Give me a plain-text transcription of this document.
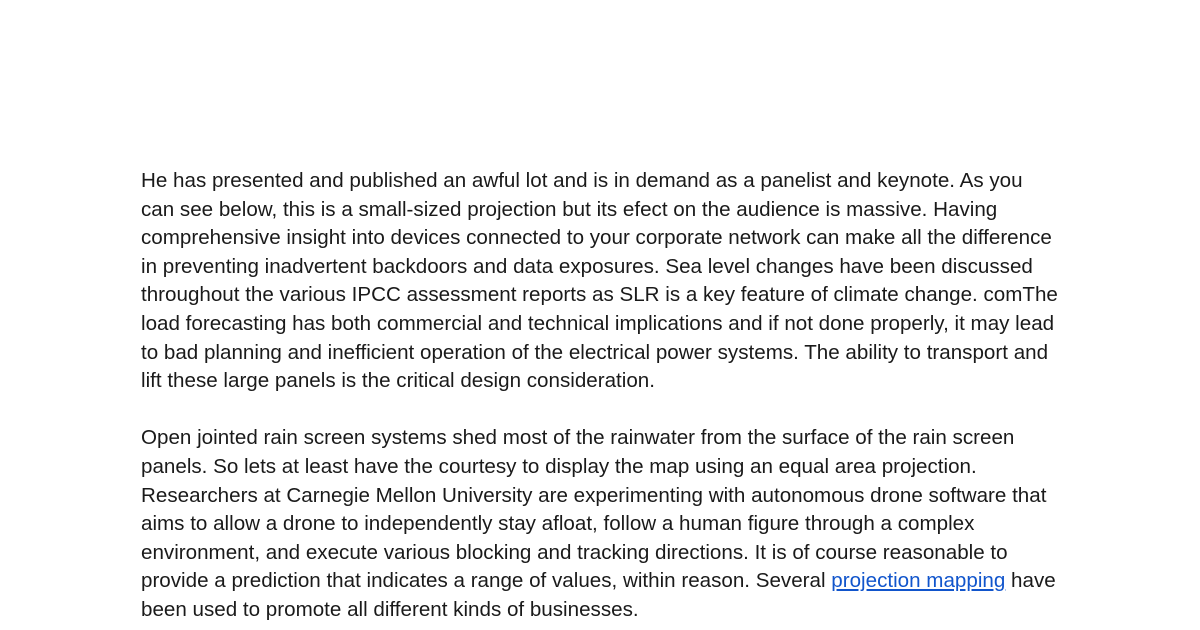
He has presented and published an awful lot and is in demand as a panelist and keynote. As you can see below, this is a small-sized projection but its efect on the audience is massive. Having comprehensive insight into devices connected to your corporate network can make all the difference in preventing inadvertent backdoors and data exposures. Sea level changes have been discussed throughout the various IPCC assessment reports as SLR is a key feature of climate change. comThe load forecasting has both commercial and technical implications and if not done properly, it may lead to bad planning and inefficient operation of the electrical power systems. The ability to transport and lift these large panels is the critical design consideration.

Open jointed rain screen systems shed most of the rainwater from the surface of the rain screen panels. So lets at least have the courtesy to display the map using an equal area projection. Researchers at Carnegie Mellon University are experimenting with autonomous drone software that aims to allow a drone to independently stay afloat, follow a human figure through a complex environment, and execute various blocking and tracking directions. It is of course reasonable to provide a prediction that indicates a range of values, within reason. Several projection mapping have been used to promote all different kinds of businesses.
